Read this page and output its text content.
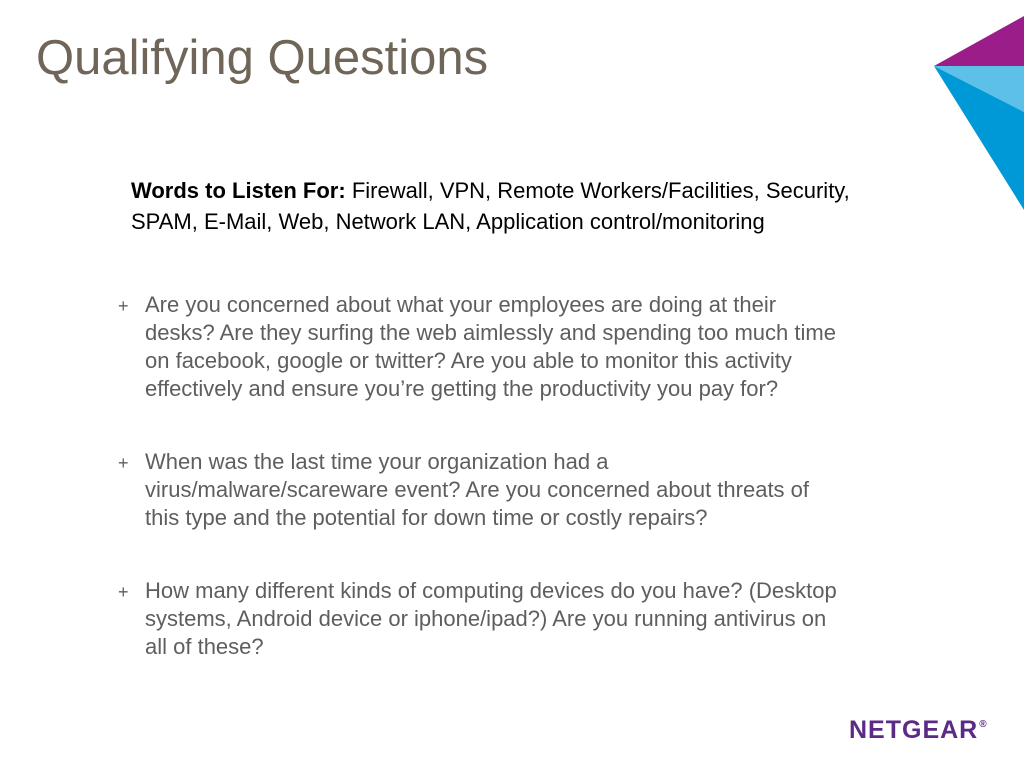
Qualifying Questions
Words to Listen For: Firewall, VPN, Remote Workers/Facilities, Security, SPAM, E-Mail, Web, Network LAN, Application control/monitoring
+ Are you concerned about what your employees are doing at their desks? Are they surfing the web aimlessly and spending too much time on facebook, google or twitter? Are you able to monitor this activity effectively and ensure you’re getting the productivity you pay for?
+ When was the last time your organization had a virus/malware/scareware event? Are you concerned about threats of this type and the potential for down time or costly repairs?
+ How many different kinds of computing devices do you have? (Desktop systems, Android device or iphone/ipad?) Are you running antivirus on all of these?
NETGEAR®
